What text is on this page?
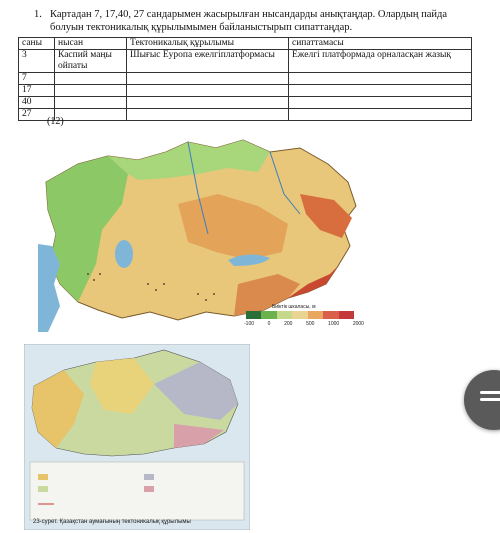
1. Картадан 7, 17,40, 27 сандарымен жасырылған нысандарды анықтаңдар. Олардың пайда болуын тектоникалық құрылымымен байланыстырып сипаттаңдар.
саны	нысан	Тектоникалық құрылымы	сипаттамасы
3	Каспий маңы ойпаты	Шығыс Еуропа ежелгіплатформасы	Ежелгі платформада орналасқан жазық
7			
17			
40			
27			
(12)
Биіктік шкаласы, м
-100	0	200	500	1000	2000
23-сурет. Қазақстан аумағының тектоникалық құрылымы
